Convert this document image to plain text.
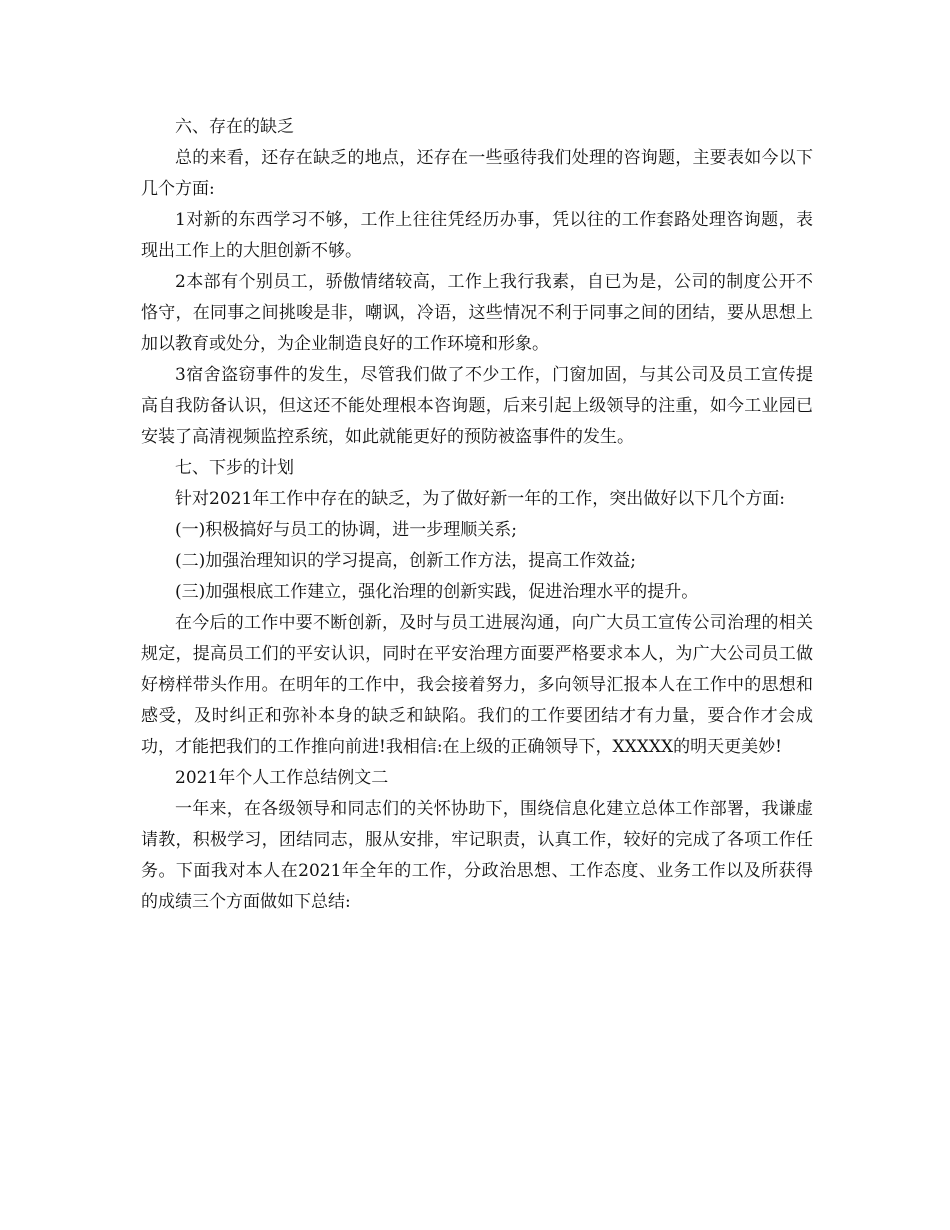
六、存在的缺乏

总的来看，还存在缺乏的地点，还存在一些亟待我们处理的咨询题，主要表如今以下几个方面:

1对新的东西学习不够，工作上往往凭经历办事，凭以往的工作套路处理咨询题，表现出工作上的大胆创新不够。

2本部有个别员工，骄傲情绪较高，工作上我行我素，自已为是，公司的制度公开不恪守，在同事之间挑唆是非，嘲讽，冷语，这些情况不利于同事之间的团结，要从思想上加以教育或处分，为企业制造良好的工作环境和形象。

3宿舍盗窃事件的发生，尽管我们做了不少工作，门窗加固，与其公司及员工宣传提高自我防备认识，但这还不能处理根本咨询题，后来引起上级领导的注重，如今工业园已安装了高清视频监控系统，如此就能更好的预防被盗事件的发生。

七、下步的计划

针对2021年工作中存在的缺乏，为了做好新一年的工作，突出做好以下几个方面:

(一)积极搞好与员工的协调，进一步理顺关系;

(二)加强治理知识的学习提高，创新工作方法，提高工作效益;

(三)加强根底工作建立，强化治理的创新实践，促进治理水平的提升。

在今后的工作中要不断创新，及时与员工进展沟通，向广大员工宣传公司治理的相关规定，提高员工们的平安认识，同时在平安治理方面要严格要求本人，为广大公司员工做好榜样带头作用。在明年的工作中，我会接着努力，多向领导汇报本人在工作中的思想和感受，及时纠正和弥补本身的缺乏和缺陷。我们的工作要团结才有力量，要合作才会成功，才能把我们的工作推向前进!我相信:在上级的正确领导下，XXXXX的明天更美妙!

2021年个人工作总结例文二

一年来，在各级领导和同志们的关怀协助下，围绕信息化建立总体工作部署，我谦虚请教，积极学习，团结同志，服从安排，牢记职责，认真工作，较好的完成了各项工作任务。下面我对本人在2021年全年的工作，分政治思想、工作态度、业务工作以及所获得的成绩三个方面做如下总结:
